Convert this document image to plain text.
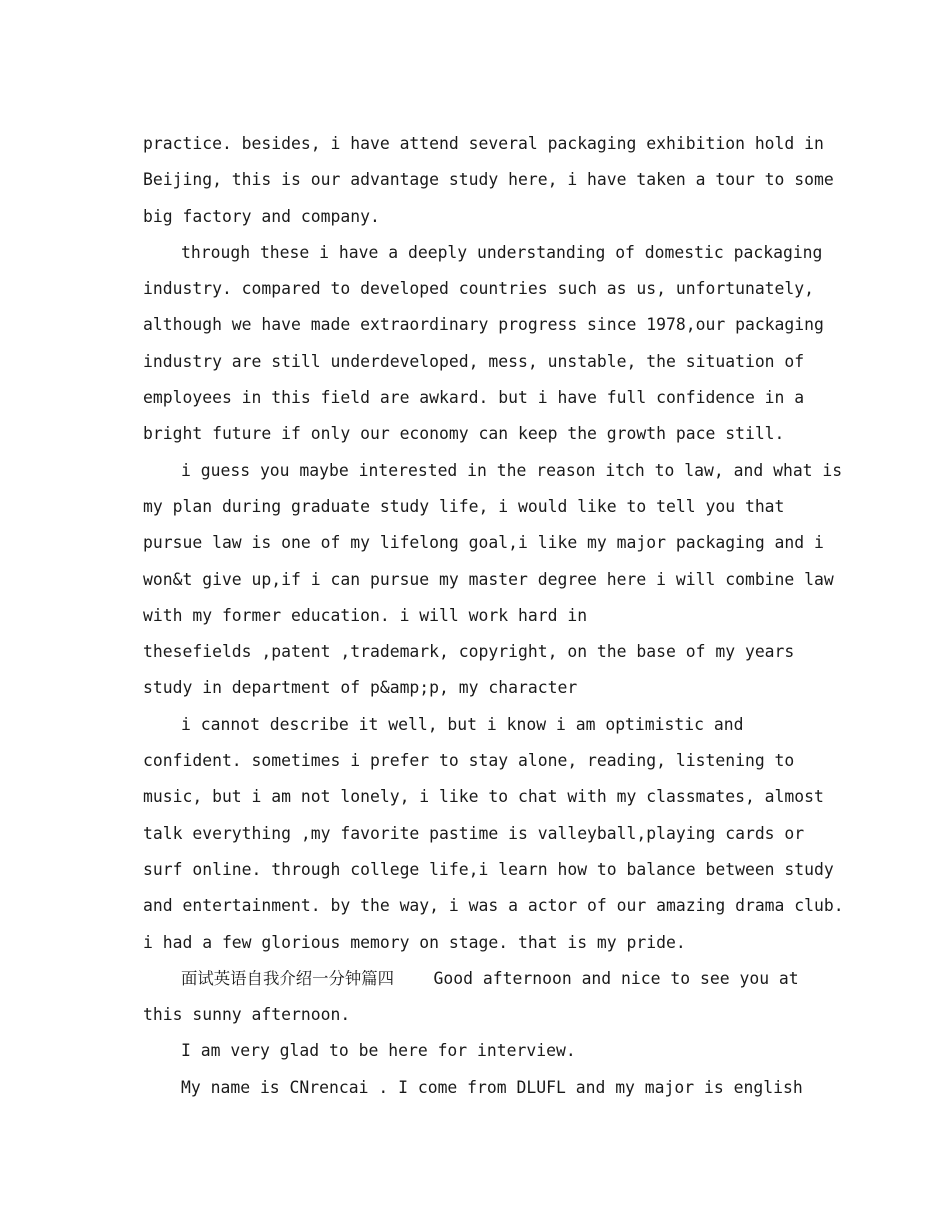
practice. besides, i have attend several packaging exhibition hold in
Beijing, this is our advantage study here, i have taken a tour to some
big factory and company.
through these i have a deeply understanding of domestic packaging
industry. compared to developed countries such as us, unfortunately,
although we have made extraordinary progress since 1978,our packaging
industry are still underdeveloped, mess, unstable, the situation of
employees in this field are awkard. but i have full confidence in a
bright future if only our economy can keep the growth pace still.
i guess you maybe interested in the reason itch to law, and what is
my plan during graduate study life, i would like to tell you that
pursue law is one of my lifelong goal,i like my major packaging and i
won&t give up,if i can pursue my master degree here i will combine law
with my former education. i will work hard in
thesefields ,patent ,trademark, copyright, on the base of my years
study in department of p&amp;p, my character
i cannot describe it well, but i know i am optimistic and
confident. sometimes i prefer to stay alone, reading, listening to
music, but i am not lonely, i like to chat with my classmates, almost
talk everything ,my favorite pastime is valleyball,playing cards or
surf online. through college life,i learn how to balance between study
and entertainment. by the way, i was a actor of our amazing drama club.
i had a few glorious memory on stage. that is my pride.
面试英语自我介绍一分钟篇四    Good afternoon and nice to see you at
this sunny afternoon.
I am very glad to be here for interview.
My name is CNrencai . I come from DLUFL and my major is english
